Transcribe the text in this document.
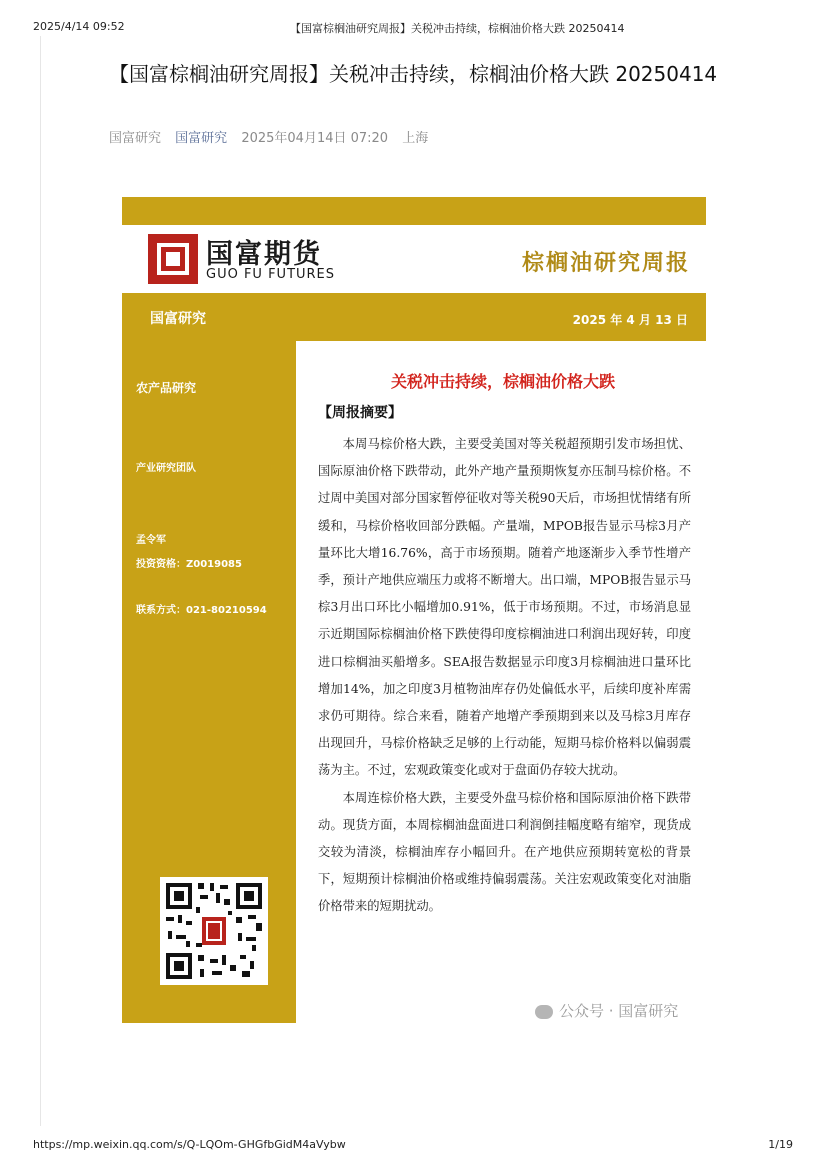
2025/4/14 09:52	【国富棕榈油研究周报】关税冲击持续，棕榈油价格大跌 20250414
【国富棕榈油研究周报】关税冲击持续，棕榈油价格大跌 20250414
国富研究 国富研究 2025年04月14日 07:20 上海
国富期货
GUO FU FUTURES	棕榈油研究周报
国富研究	2025 年 4 月 13 日
农产品研究
产业研究团队
孟令军
投资资格：Z0019085
联系方式：021-80210594
关税冲击持续，棕榈油价格大跌
【周报摘要】

本周马棕价格大跌，主要受美国对等关税超预期引发市场担忧、国际原油价格下跌带动，此外产地产量预期恢复亦压制马棕价格。不过周中美国对部分国家暂停征收对等关税90天后，市场担忧情绪有所缓和，马棕价格收回部分跌幅。产量端，MPOB报告显示马棕3月产量环比大增16.76%，高于市场预期。随着产地逐渐步入季节性增产季，预计产地供应端压力或将不断增大。出口端，MPOB报告显示马棕3月出口环比小幅增加0.91%，低于市场预期。不过，市场消息显示近期国际棕榈油价格下跌使得印度棕榈油进口利润出现好转，印度进口棕榈油买船增多。SEA报告数据显示印度3月棕榈油进口量环比增加14%，加之印度3月植物油库存仍处偏低水平，后续印度补库需求仍可期待。综合来看，随着产地增产季预期到来以及马棕3月库存出现回升，马棕价格缺乏足够的上行动能，短期马棕价格料以偏弱震荡为主。不过，宏观政策变化或对于盘面仍存较大扰动。

本周连棕价格大跌，主要受外盘马棕价格和国际原油价格下跌带动。现货方面，本周棕榈油盘面进口利润倒挂幅度略有缩窄，现货成交较为清淡，棕榈油库存小幅回升。在产地供应预期转宽松的背景下，短期预计棕榈油价格或维持偏弱震荡。关注宏观政策变化对油脂价格带来的短期扰动。

公众号 · 国富研究
https://mp.weixin.qq.com/s/Q-LQOm-GHGfbGidM4aVybw	1/19
